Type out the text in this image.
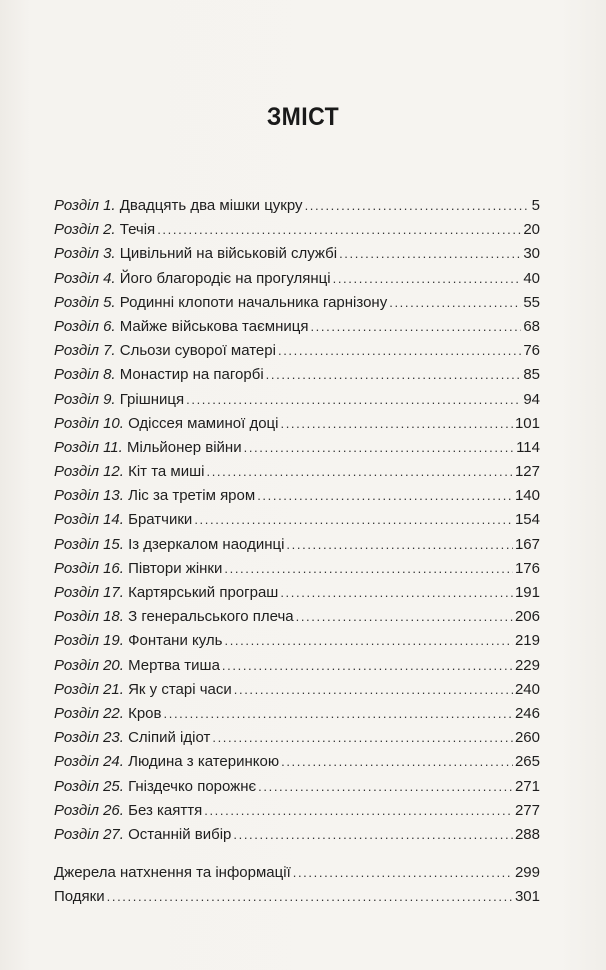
ЗМІСТ
Розділ 1. Двадцять два мішки цукру . . .	5
Розділ 2. Течія . . .	20
Розділ 3. Цивільний на військовій службі . . .	30
Розділ 4. Його благородіє на прогулянці . . .	40
Розділ 5. Родинні клопоти начальника гарнізону . . .	55
Розділ 6. Майже військова таємниця . . .	68
Розділ 7. Сльози суворої матері . . .	76
Розділ 8. Монастир на пагорбі . . .	85
Розділ 9. Грішниця . . .	94
Розділ 10. Одіссея маминої доці . . .	101
Розділ 11. Мільйонер війни . . .	114
Розділ 12. Кіт та миші . . .	127
Розділ 13. Ліс за третім яром . . .	140
Розділ 14. Братчики . . .	154
Розділ 15. Із дзеркалом наодинці . . .	167
Розділ 16. Півтори жінки . . .	176
Розділ 17. Картярський програш . . .	191
Розділ 18. З генеральського плеча . . .	206
Розділ 19. Фонтани куль . . .	219
Розділ 20. Мертва тиша . . .	229
Розділ 21. Як у старі часи . . .	240
Розділ 22. Кров . . .	246
Розділ 23. Сліпий ідіот . . .	260
Розділ 24. Людина з катеринкою . . .	265
Розділ 25. Гніздечко порожнє . . .	271
Розділ 26. Без каяття . . .	277
Розділ 27. Останній вибір . . .	288
Джерела натхнення та інформації . . .	299
Подяки . . .	301
